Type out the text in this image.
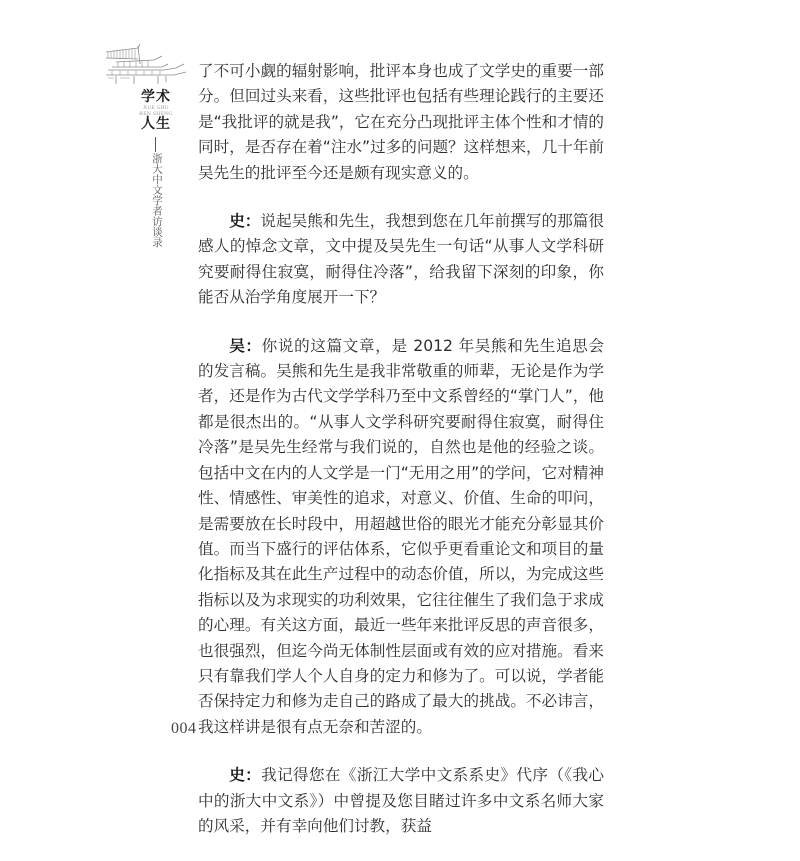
学术
XUE SHU
REN SHENG
人生
浙大中文学者访谈录

了不可小觑的辐射影响，批评本身也成了文学史的重要一部分。但回过头来看，这些批评也包括有些理论践行的主要还是“我批评的就是我”，它在充分凸现批评主体个性和才情的同时，是否存在着“注水”过多的问题？这样想来，几十年前吴先生的批评至今还是颇有现实意义的。

史：说起吴熊和先生，我想到您在几年前撰写的那篇很感人的悼念文章，文中提及吴先生一句话“从事人文学科研究要耐得住寂寞，耐得住冷落”，给我留下深刻的印象，你能否从治学角度展开一下？

吴：你说的这篇文章，是 2012 年吴熊和先生追思会的发言稿。吴熊和先生是我非常敬重的师辈，无论是作为学者，还是作为古代文学学科乃至中文系曾经的“掌门人”，他都是很杰出的。“从事人文学科研究要耐得住寂寞，耐得住冷落”是吴先生经常与我们说的，自然也是他的经验之谈。包括中文在内的人文学是一门“无用之用”的学问，它对精神性、情感性、审美性的追求，对意义、价值、生命的叩问，是需要放在长时段中，用超越世俗的眼光才能充分彰显其价值。而当下盛行的评估体系，它似乎更看重论文和项目的量化指标及其在此生产过程中的动态价值，所以，为完成这些指标以及为求现实的功利效果，它往往催生了我们急于求成的心理。有关这方面，最近一些年来批评反思的声音很多，也很强烈，但迄今尚无体制性层面或有效的应对措施。看来只有靠我们学人个人自身的定力和修为了。可以说，学者能否保持定力和修为走自己的路成了最大的挑战。不必讳言，我这样讲是很有点无奈和苦涩的。

史：我记得您在《浙江大学中文系系史》代序（《我心中的浙大中文系》）中曾提及您目睹过许多中文系名师大家的风采，并有幸向他们讨教，获益

004
